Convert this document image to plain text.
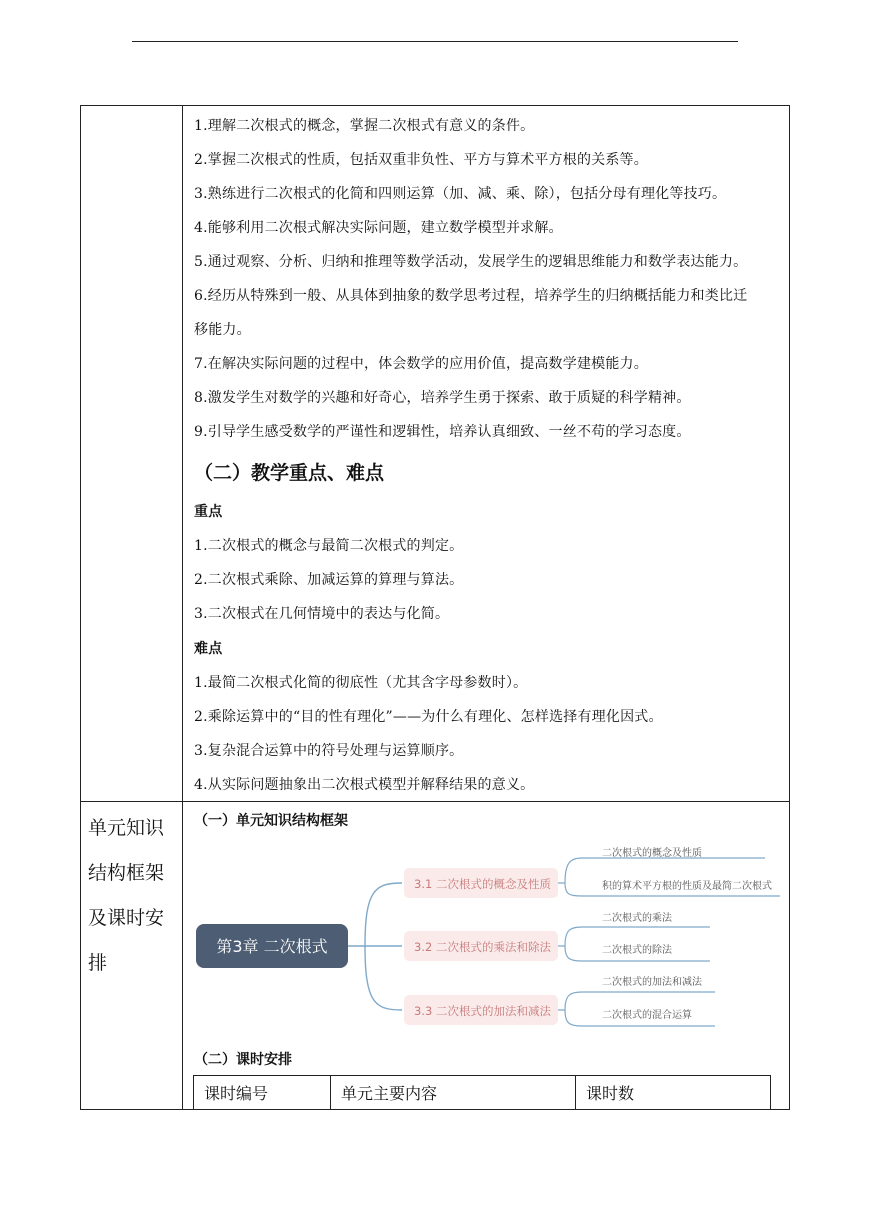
1.理解二次根式的概念，掌握二次根式有意义的条件。
2.掌握二次根式的性质，包括双重非负性、平方与算术平方根的关系等。
3.熟练进行二次根式的化简和四则运算（加、减、乘、除），包括分母有理化等技巧。
4.能够利用二次根式解决实际问题，建立数学模型并求解。
5.通过观察、分析、归纳和推理等数学活动，发展学生的逻辑思维能力和数学表达能力。
6.经历从特殊到一般、从具体到抽象的数学思考过程，培养学生的归纳概括能力和类比迁
移能力。
7.在解决实际问题的过程中，体会数学的应用价值，提高数学建模能力。
8.激发学生对数学的兴趣和好奇心，培养学生勇于探索、敢于质疑的科学精神。
9.引导学生感受数学的严谨性和逻辑性，培养认真细致、一丝不苟的学习态度。
（二）教学重点、难点
重点
1.二次根式的概念与最简二次根式的判定。
2.二次根式乘除、加减运算的算理与算法。
3.二次根式在几何情境中的表达与化简。
难点
1.最简二次根式化简的彻底性（尤其含字母参数时）。
2.乘除运算中的“目的性有理化”——为什么有理化、怎样选择有理化因式。
3.复杂混合运算中的符号处理与运算顺序。
4.从实际问题抽象出二次根式模型并解释结果的意义。
单元知识
结构框架
及课时安
排
（一）单元知识结构框架
第3章 二次根式
3.1 二次根式的概念及性质
3.2 二次根式的乘法和除法
3.3 二次根式的加法和减法
二次根式的概念及性质
积的算术平方根的性质及最简二次根式
二次根式的乘法
二次根式的除法
二次根式的加法和减法
二次根式的混合运算
（二）课时安排
课时编号	单元主要内容	课时数
